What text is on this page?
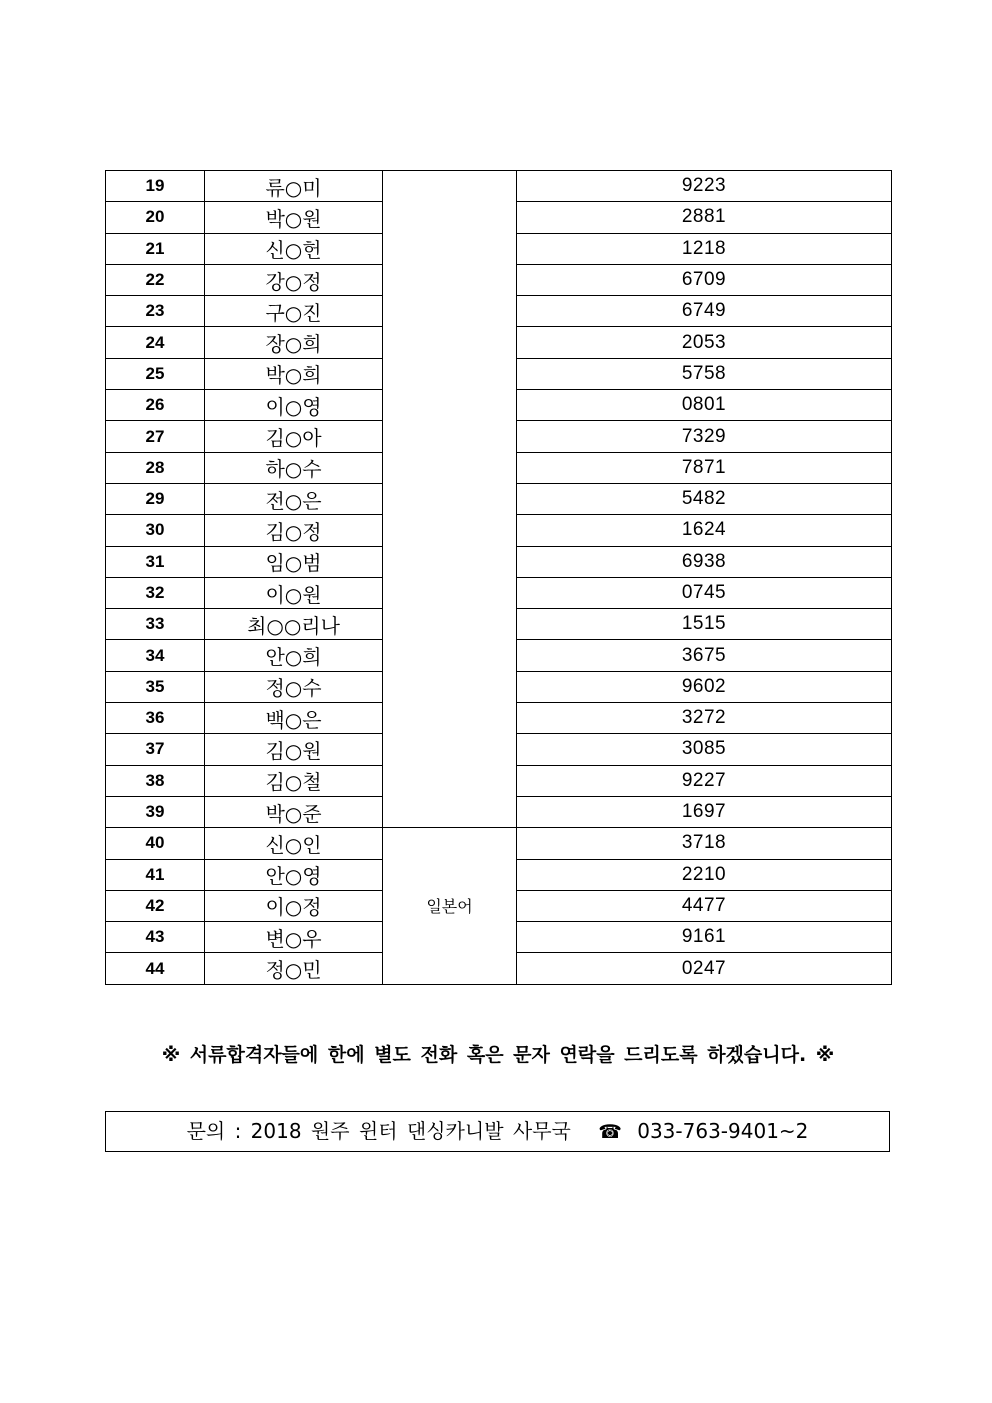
19	류○미		9223
20	박○원		2881
21	신○헌		1218
22	강○정		6709
23	구○진		6749
24	장○희		2053
25	박○희		5758
26	이○영		0801
27	김○아		7329
28	하○수		7871
29	전○은		5482
30	김○정		1624
31	임○범		6938
32	이○원		0745
33	최○○리나		1515
34	안○희		3675
35	정○수		9602
36	백○은		3272
37	김○원		3085
38	김○철		9227
39	박○준		1697
40	신○인	일본어	3718
41	안○영		2210
42	이○정		4477
43	변○우		9161
44	정○민		0247
※ 서류합격자들에 한에 별도 전화 혹은 문자 연락을 드리도록 하겠습니다. ※
문의 : 2018 원주 윈터 댄싱카니발 사무국 ☎ 033-763-9401~2
